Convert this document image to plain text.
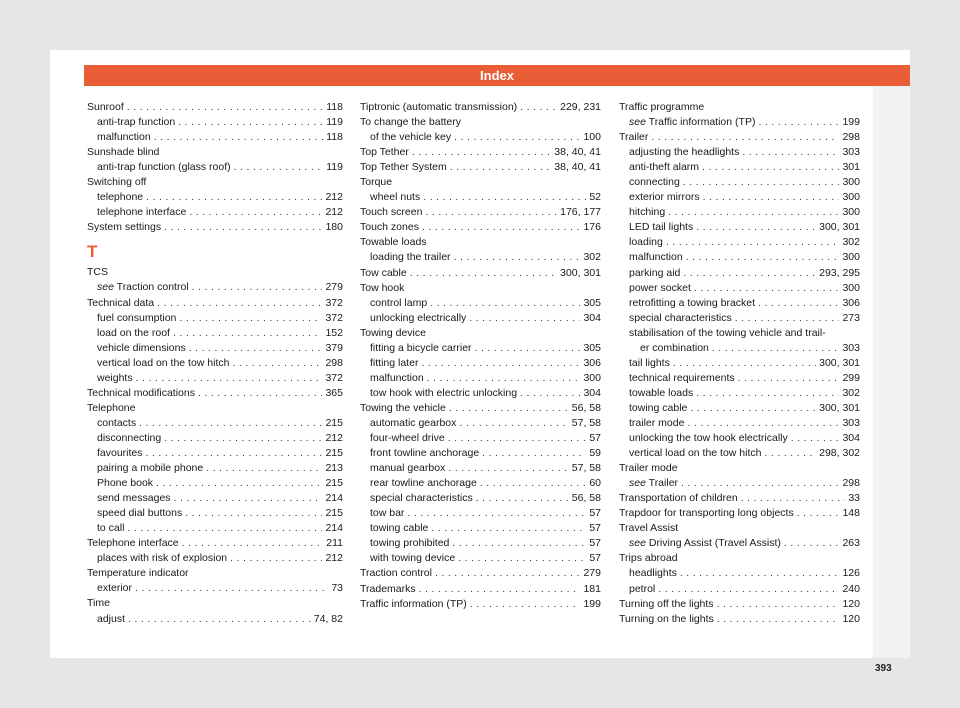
Index
Sunroof . . .	118
anti-trap function . . .	119
malfunction . . .	118
Sunshade blind
anti-trap function (glass roof) . . .	119
Switching off
telephone . . .	212
telephone interface . . .	212
System settings . . .	180
T
TCS
see Traction control . . .	279
Technical data . . .	372
fuel consumption . . .	372
load on the roof . . .	152
vehicle dimensions . . .	379
vertical load on the tow hitch . . .	298
weights . . .	372
Technical modifications . . .	365
Telephone
contacts . . .	215
disconnecting . . .	212
favourites . . .	215
pairing a mobile phone . . .	213
Phone book . . .	215
send messages . . .	214
speed dial buttons . . .	215
to call . . .	214
Telephone interface . . .	211
places with risk of explosion . . .	212
Temperature indicator
exterior . . .	73
Time
adjust . . .	74, 82
Tiptronic (automatic transmission) . . .	229, 231
To change the battery
of the vehicle key . . .	100
Top Tether . . .	38, 40, 41
Top Tether System . . .	38, 40, 41
Torque
wheel nuts . . .	52
Touch screen . . .	176, 177
Touch zones . . .	176
Towable loads
loading the trailer . . .	302
Tow cable . . .	300, 301
Tow hook
control lamp . . .	305
unlocking electrically . . .	304
Towing device
fitting a bicycle carrier . . .	305
fitting later . . .	306
malfunction . . .	300
tow hook with electric unlocking . . .	304
Towing the vehicle . . .	56, 58
automatic gearbox . . .	57, 58
four-wheel drive . . .	57
front towline anchorage . . .	59
manual gearbox . . .	57, 58
rear towline anchorage . . .	60
special characteristics . . .	56, 58
tow bar . . .	57
towing cable . . .	57
towing prohibited . . .	57
with towing device . . .	57
Traction control . . .	279
Trademarks . . .	181
Traffic information (TP) . . .	199
Traffic programme
see Traffic information (TP) . . .	199
Trailer . . .	298
adjusting the headlights . . .	303
anti-theft alarm . . .	301
connecting . . .	300
exterior mirrors . . .	300
hitching . . .	300
LED tail lights . . .	300, 301
loading . . .	302
malfunction . . .	300
parking aid . . .	293, 295
power socket . . .	300
retrofitting a towing bracket . . .	306
special characteristics . . .	273
stabilisation of the towing vehicle and trail-
er combination . . .	303
tail lights . . .	300, 301
technical requirements . . .	299
towable loads . . .	302
towing cable . . .	300, 301
trailer mode . . .	303
unlocking the tow hook electrically . . .	304
vertical load on the tow hitch . . .	298, 302
Trailer mode
see Trailer . . .	298
Transportation of children . . .	33
Trapdoor for transporting long objects . . .	148
Travel Assist
see Driving Assist (Travel Assist) . . .	263
Trips abroad
headlights . . .	126
petrol . . .	240
Turning off the lights . . .	120
Turning on the lights . . .	120
393
